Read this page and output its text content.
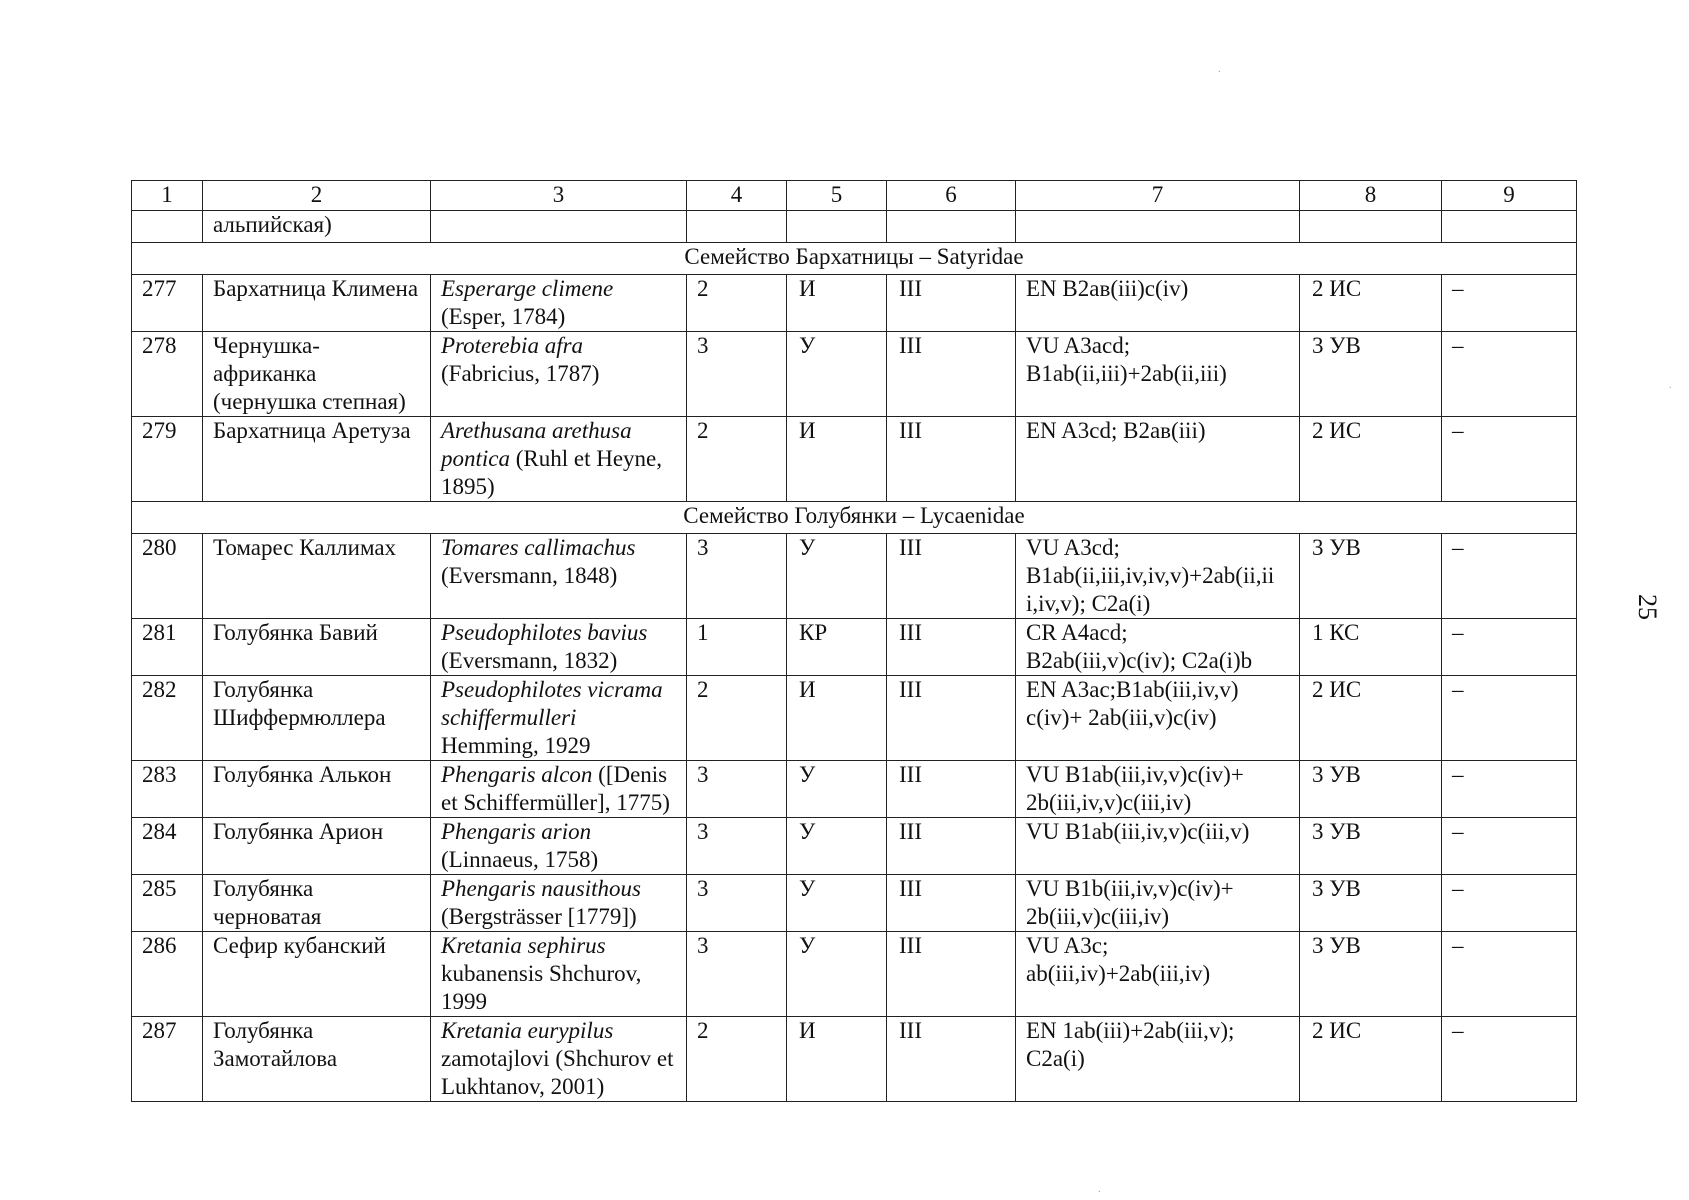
1	2	3	4	5	6	7	8	9
	альпийская)							
Семейство Бархатницы – Satyridae								
277	Бархатница Климена	Esperarge climene (Esper, 1784)	2	И	III	EN B2ав(iii)c(iv)	2 ИС	–
278	Чернушка-
африканка
(чернушка степная)	Proterebia afra (Fabricius, 1787)	3	У	III	VU A3acd;
B1ab(ii,iii)+2ab(ii,iii)	3 УВ	–
279	Бархатница Аретуза	Arethusana arethusa pontica (Ruhl et Heyne, 1895)	2	И	III	EN A3cd; B2ав(iii)	2 ИС	–
Семейство Голубянки – Lycaenidae								
280	Томарес Каллимах	Tomares callimachus (Eversmann, 1848)	3	У	III	VU A3cd;
B1ab(ii,iii,iv,iv,v)+2ab(ii,ii
i,iv,v); C2a(i)	3 УВ	–
281	Голубянка Бавий	Pseudophilotes bavius (Eversmann, 1832)	1	КР	III	CR A4acd;
B2ab(iii,v)c(iv); C2a(i)b	1 КС	–
282	Голубянка
Шиффермюллера	Pseudophilotes vicrama schiffermulleri Hemming, 1929	2	И	III	EN A3ac;B1ab(iii,iv,v)
c(iv)+ 2ab(iii,v)c(iv)	2 ИС	–
283	Голубянка Алькон	Phengaris alcon ([Denis et Schiffermüller], 1775)	3	У	III	VU B1ab(iii,iv,v)c(iv)+
2b(iii,iv,v)c(iii,iv)	3 УВ	–
284	Голубянка Арион	Phengaris arion (Linnaeus, 1758)	3	У	III	VU B1ab(iii,iv,v)c(iii,v)	3 УВ	–
285	Голубянка
черноватая	Phengaris nausithous (Bergsträsser [1779])	3	У	III	VU B1b(iii,iv,v)c(iv)+
2b(iii,v)c(iii,iv)	3 УВ	–
286	Сефир кубанский	Kretania sephirus kubanensis Shchurov, 1999	3	У	III	VU A3c;
ab(iii,iv)+2ab(iii,iv)	3 УВ	–
287	Голубянка
Замотайлова	Kretania eurypilus zamotajlovi (Shchurov et Lukhtanov, 2001)	2	И	III	EN 1ab(iii)+2ab(iii,v);
C2a(i)	2 ИС	–
25
.
.
.
